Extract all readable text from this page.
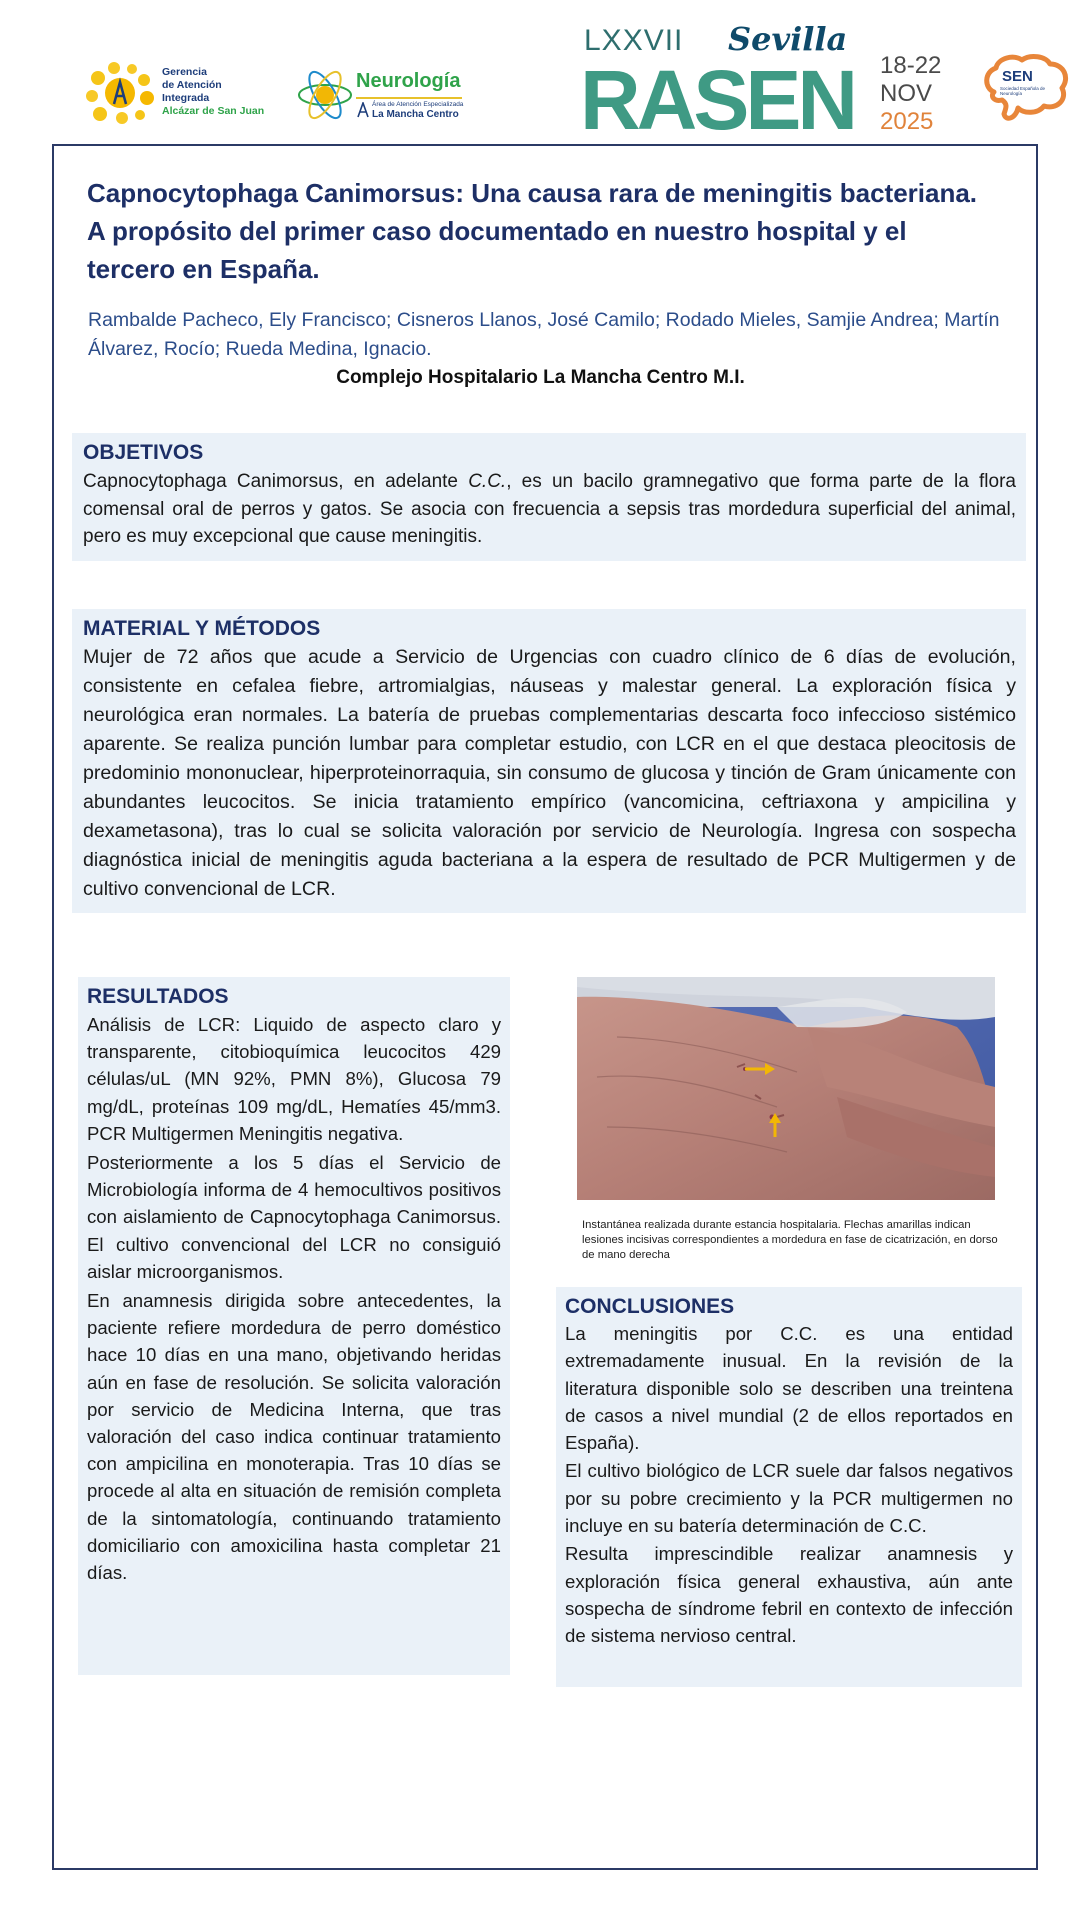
Gerencia
de Atención
Integrada
Alcázar de San Juan
Neurología
Área de Atención Especializada
La Mancha Centro
LXXVII Sevilla
RASEN 18-22
NOV
2025
SEN
Sociedad Española de Neurología
Capnocytophaga Canimorsus: Una causa rara de meningitis bacteriana. A propósito del primer caso documentado en nuestro hospital y el tercero en España.

Rambalde Pacheco, Ely Francisco; Cisneros Llanos, José Camilo; Rodado Mieles, Samjie Andrea; Martín Álvarez, Rocío; Rueda Medina, Ignacio.

Complejo Hospitalario La Mancha Centro M.I.
OBJETIVOS

Capnocytophaga Canimorsus, en adelante C.C., es un bacilo gramnegativo que forma parte de la flora comensal oral de perros y gatos. Se asocia con frecuencia a sepsis tras mordedura superficial del animal, pero es muy excepcional que cause meningitis.

MATERIAL Y MÉTODOS

Mujer de 72 años que acude a Servicio de Urgencias con cuadro clínico de 6 días de evolución, consistente en cefalea fiebre, artromialgias, náuseas y malestar general. La exploración física y neurológica eran normales. La batería de pruebas complementarias descarta foco infeccioso sistémico aparente. Se realiza punción lumbar para completar estudio, con LCR en el que destaca pleocitosis de predominio mononuclear, hiperproteinorraquia, sin consumo de glucosa y tinción de Gram únicamente con abundantes leucocitos. Se inicia tratamiento empírico (vancomicina, ceftriaxona y ampicilina y dexametasona), tras lo cual se solicita valoración por servicio de Neurología. Ingresa con sospecha diagnóstica inicial de meningitis aguda bacteriana a la espera de resultado de PCR Multigermen y de cultivo convencional de LCR.

RESULTADOS

Análisis de LCR: Liquido de aspecto claro y transparente, citobioquímica leucocitos 429 células/uL (MN 92%, PMN 8%), Glucosa 79 mg/dL, proteínas 109 mg/dL, Hematíes 45/mm3. PCR Multigermen Meningitis negativa.

Posteriormente a los 5 días el Servicio de Microbiología informa de 4 hemocultivos positivos con aislamiento de Capnocytophaga Canimorsus. El cultivo convencional del LCR no consiguió aislar microorganismos.

En anamnesis dirigida sobre antecedentes, la paciente refiere mordedura de perro doméstico hace 10 días en una mano, objetivando heridas aún en fase de resolución. Se solicita valoración por servicio de Medicina Interna, que tras valoración del caso indica continuar tratamiento con ampicilina en monoterapia. Tras 10 días se procede al alta en situación de remisión completa de la sintomatología, continuando tratamiento domiciliario con amoxicilina hasta completar 21 días.

Instantánea realizada durante estancia hospitalaria. Flechas amarillas indican lesiones incisivas correspondientes a mordedura en fase de cicatrización, en dorso de mano derecha

CONCLUSIONES

La meningitis por C.C. es una entidad extremadamente inusual. En la revisión de la literatura disponible solo se describen una treintena de casos a nivel mundial (2 de ellos reportados en España).

El cultivo biológico de LCR suele dar falsos negativos por su pobre crecimiento y la PCR multigermen no incluye en su batería determinación de C.C.

Resulta imprescindible realizar anamnesis y exploración física general exhaustiva, aún ante sospecha de síndrome febril en contexto de infección de sistema nervioso central.
